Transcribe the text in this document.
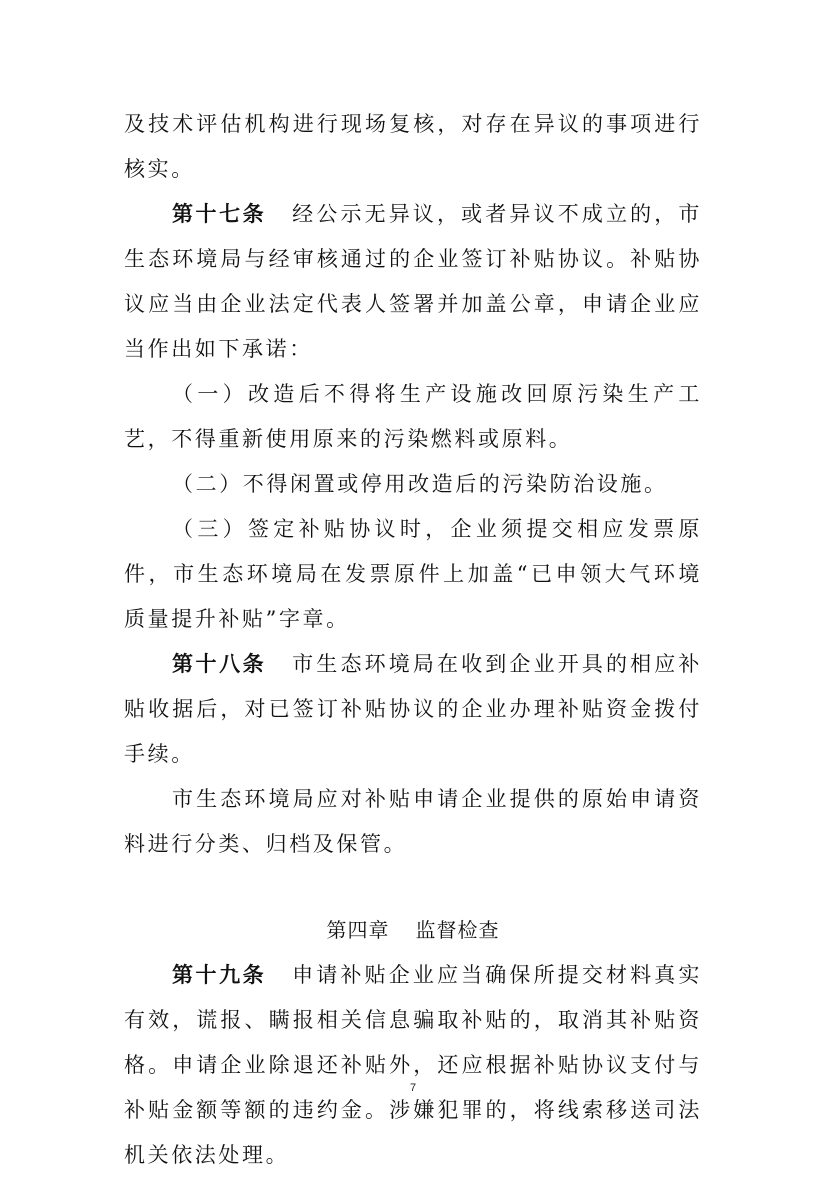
及技术评估机构进行现场复核，对存在异议的事项进行核实。

第十七条 经公示无异议，或者异议不成立的，市生态环境局与经审核通过的企业签订补贴协议。补贴协议应当由企业法定代表人签署并加盖公章，申请企业应当作出如下承诺：

（一）改造后不得将生产设施改回原污染生产工艺，不得重新使用原来的污染燃料或原料。

（二）不得闲置或停用改造后的污染防治设施。

（三）签定补贴协议时，企业须提交相应发票原件，市生态环境局在发票原件上加盖“已申领大气环境质量提升补贴”字章。

第十八条 市生态环境局在收到企业开具的相应补贴收据后，对已签订补贴协议的企业办理补贴资金拨付手续。

市生态环境局应对补贴申请企业提供的原始申请资料进行分类、归档及保管。

第四章 监督检查

第十九条 申请补贴企业应当确保所提交材料真实有效，谎报、瞒报相关信息骗取补贴的，取消其补贴资格。申请企业除退还补贴外，还应根据补贴协议支付与补贴金额等额的违约金。涉嫌犯罪的，将线索移送司法机关依法处理。

7
